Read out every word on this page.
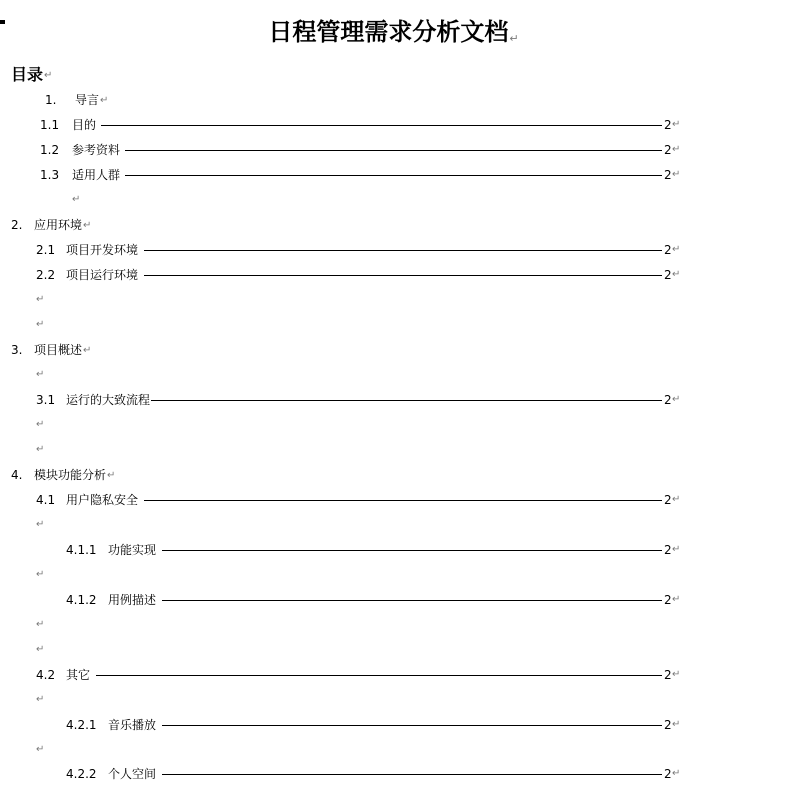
日程管理需求分析文档↵
目录↵
1. 导言↵
1.1 目的	2 ↵
1.2 参考资料	2 ↵
1.3 适用人群	2 ↵
↵
2. 应用环境↵
2.1 项目开发环境	2 ↵
2.2 项目运行环境	2 ↵
↵
↵
3. 项目概述↵
↵
3.1 运行的大致流程	2 ↵
↵
↵
4. 模块功能分析↵
4.1 用户隐私安全	2 ↵
↵
4.1.1 功能实现	2 ↵
↵
4.1.2 用例描述	2 ↵
↵
↵
4.2 其它	2 ↵
↵
4.2.1 音乐播放	2 ↵
↵
4.2.2 个人空间	2 ↵
